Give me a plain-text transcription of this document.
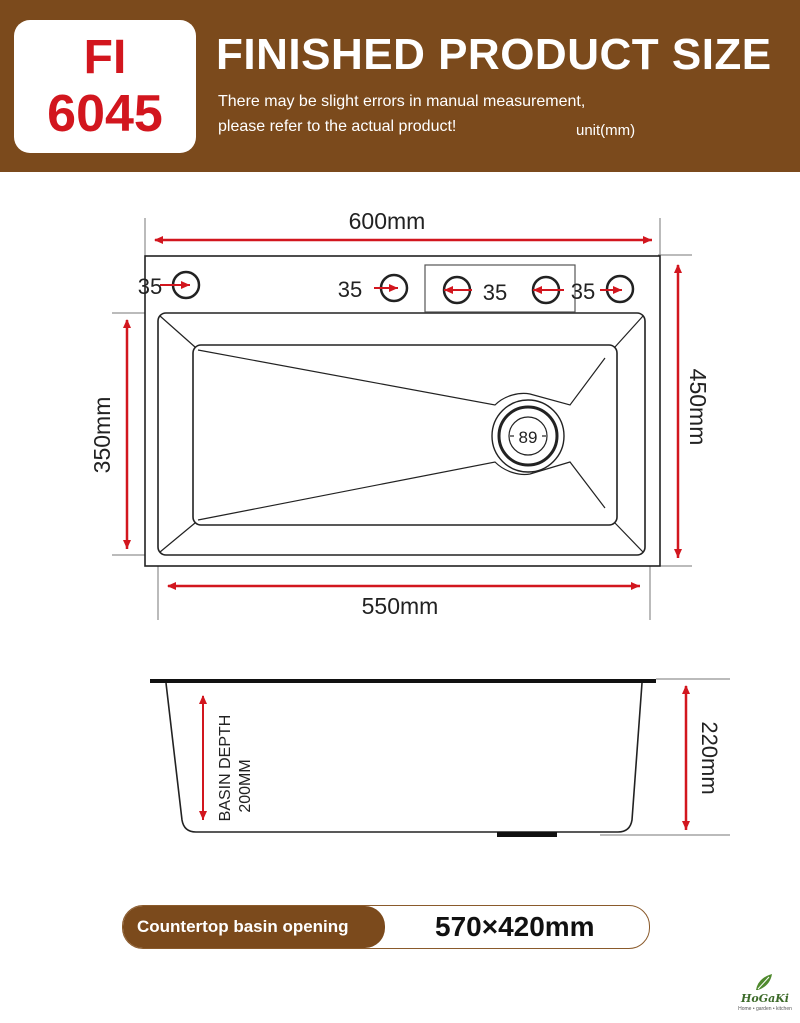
FI
6045
FINISHED PRODUCT SIZE
There may be slight errors in manual measurement,
please refer to the actual product!	unit(mm)
35	35	35	35
89
600mm
450mm
350mm
550mm
BASIN DEPTH 200MM	220mm
Countertop basin opening	570×420mm
HoGaKi
Home • garden • kitchen
